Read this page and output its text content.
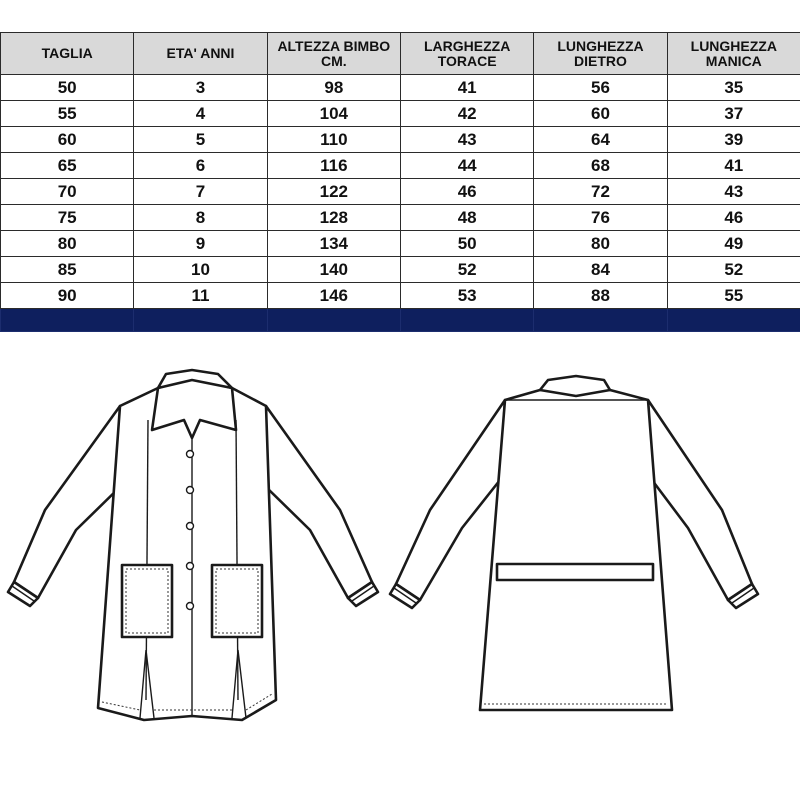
TAGLIA	ETA' ANNI	ALTEZZA BIMBO CM.	LARGHEZZA TORACE	LUNGHEZZA DIETRO	LUNGHEZZA MANICA
50	3	98	41	56	35
55	4	104	42	60	37
60	5	110	43	64	39
65	6	116	44	68	41
70	7	122	46	72	43
75	8	128	48	76	46
80	9	134	50	80	49
85	10	140	52	84	52
90	11	146	53	88	55
